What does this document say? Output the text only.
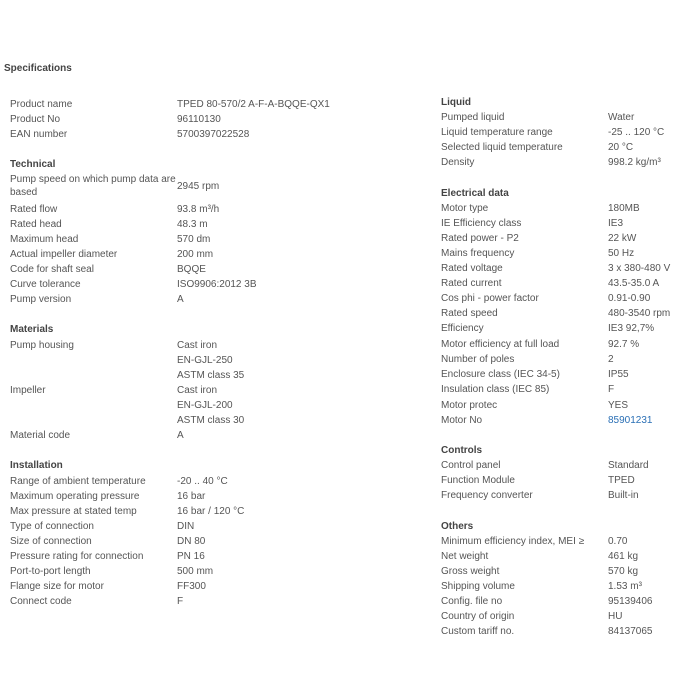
Specifications
Product name	TPED 80-570/2 A-F-A-BQQE-QX1
Product No	96110130
EAN number	5700397022528
Technical
Pump speed on which pump data are based
2945 rpm
Rated flow	93.8 m³/h
Rated head	48.3 m
Maximum head	570 dm
Actual impeller diameter	200 mm
Code for shaft seal	BQQE
Curve tolerance	ISO9906:2012 3B
Pump version	A
Materials
Pump housing	Cast iron
EN-GJL-250
ASTM class 35
Impeller	Cast iron
EN-GJL-200
ASTM class 30
Material code	A
Installation
Range of ambient temperature	-20 .. 40 °C
Maximum operating pressure	16 bar
Max pressure at stated temp	16 bar / 120 °C
Type of connection	DIN
Size of connection	DN 80
Pressure rating for connection	PN 16
Port-to-port length	500 mm
Flange size for motor	FF300
Connect code	F
Liquid
Pumped liquid	Water
Liquid temperature range	-25 .. 120 °C
Selected liquid temperature	20 °C
Density	998.2 kg/m³
Electrical data
Motor type	180MB
IE Efficiency class	IE3
Rated power - P2	22 kW
Mains frequency	50 Hz
Rated voltage	3 x 380-480 V
Rated current	43.5-35.0 A
Cos phi - power factor	0.91-0.90
Rated speed	480-3540 rpm
Efficiency	IE3 92,7%
Motor efficiency at full load	92.7 %
Number of poles	2
Enclosure class (IEC 34-5)	IP55
Insulation class (IEC 85)	F
Motor protec	YES
Motor No	85901231
Controls
Control panel	Standard
Function Module	TPED
Frequency converter	Built-in
Others
Minimum efficiency index, MEI ≥	0.70
Net weight	461 kg
Gross weight	570 kg
Shipping volume	1.53 m³
Config. file no	95139406
Country of origin	HU
Custom tariff no.	84137065
